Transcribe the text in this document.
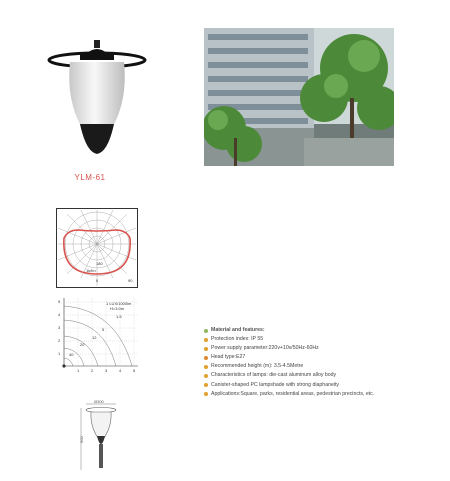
YLM-61
180
0	90
1k/lm
5
4
3
2
1
1	2	3	4	5
1.5
5
12
20
40
1 LUX/1000lm
H=3.0m
Ø300
600
Material and features:
Protection index: IP 55
Power supply parameter:220v+10v/50Hz-60Hz
Head type:E27
Recommended height (m): 3.5-4.5Metre
Characteristics of lamps: die-cast aluminum alloy body
Canister-shaped PC lampshade with strong diaphaneity
Applications:Square, parks, residential areas, pedestrian precincts, etc.
